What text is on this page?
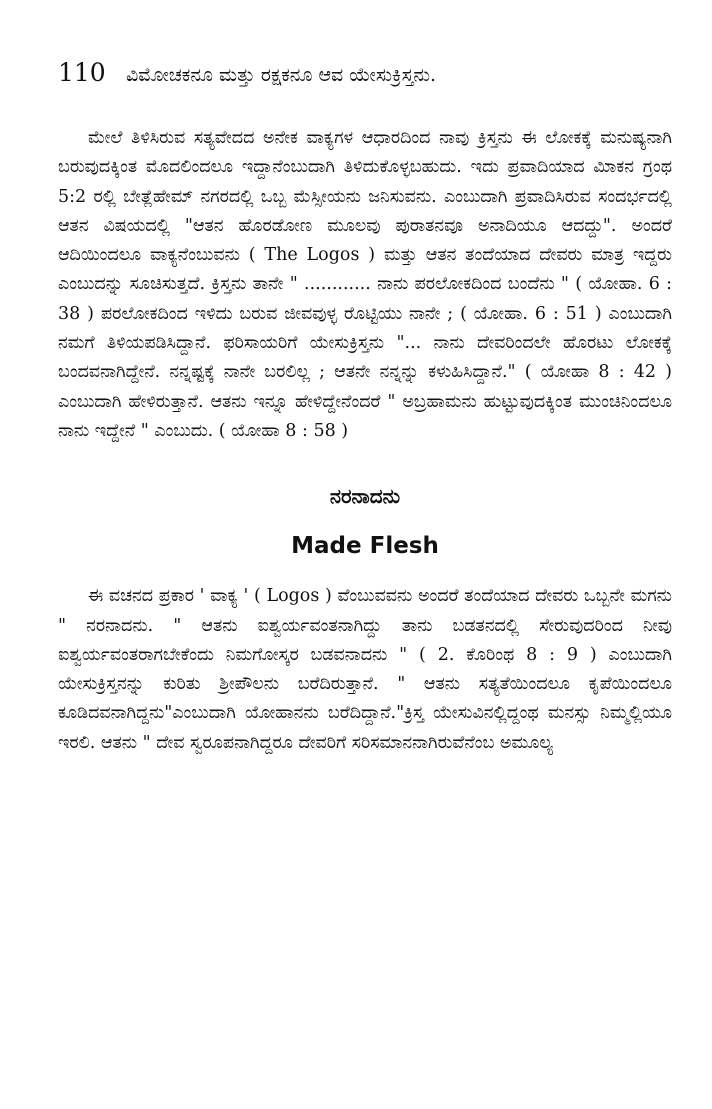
110	ವಿಮೋಚಕನೂ ಮತ್ತು ರಕ್ಷಕನೂ ಆವ ಯೇಸುಕ್ರಿಸ್ತನು.

ಮೇಲೆ ತಿಳಿಸಿರುವ ಸತ್ಯವೇದದ ಅನೇಕ ವಾಕ್ಯಗಳ ಆಧಾರದಿಂದ ನಾವು ಕ್ರಿಸ್ತನು ಈ ಲೋಕಕ್ಕೆ ಮನುಷ್ಯನಾಗಿ ಬರುವುದಕ್ಕಿಂತ ಮೊದಲಿಂದಲೂ ಇದ್ದಾನೆಂಬುದಾಗಿ ತಿಳಿದುಕೊಳ್ಳಬಹುದು. ಇದು ಪ್ರವಾದಿಯಾದ ಮಿಾಕನ ಗ್ರಂಥ 5:2 ರಲ್ಲಿ ಬೇತ್ಲೆಹೇಮ್ ನಗರದಲ್ಲಿ ಒಬ್ಬ ಮೆಸ್ಸೀಯನು ಜನಿಸುವನು. ಎಂಬುದಾಗಿ ಪ್ರವಾದಿಸಿರುವ ಸಂದರ್ಭದಲ್ಲಿ ಆತನ ವಿಷಯದಲ್ಲಿ "ಆತನ ಹೊರಡೋಣ ಮೂಲವು ಪುರಾತನವೂ ಅನಾದಿಯೂ ಆದದ್ದು". ಅಂದರೆ ಆದಿಯಿಂದಲೂ ವಾಕ್ಯನೆಂಬುವನು ( The Logos ) ಮತ್ತು ಆತನ ತಂದೆಯಾದ ದೇವರು ಮಾತ್ರ ಇದ್ದರು ಎಂಬುದನ್ನು ಸೂಚಿಸುತ್ತದೆ. ಕ್ರಿಸ್ತನು ತಾನೇ " ............ ನಾನು ಪರಲೋಕದಿಂದ ಬಂದೆನು " ( ಯೋಹಾ. 6 : 38 ) ಪರಲೋಕದಿಂದ ಇಳಿದು ಬರುವ ಜೀವವುಳ್ಳ ರೊಟ್ಟಿಯು ನಾನೇ ; ( ಯೋಹಾ. 6 : 51 ) ಎಂಬುದಾಗಿ ನಮಗೆ ತಿಳಿಯಪಡಿಸಿದ್ದಾನೆ. ಫರಿಸಾಯರಿಗೆ ಯೇಸುಕ್ರಿಸ್ತನು "... ನಾನು ದೇವರಿಂದಲೇ ಹೊರಟು ಲೋಕಕ್ಕೆ ಬಂದವನಾಗಿದ್ದೇನೆ. ನನ್ನಷ್ಟಕ್ಕೆ ನಾನೇ ಬರಲಿಲ್ಲ ; ಆತನೇ ನನ್ನನ್ನು ಕಳುಹಿಸಿದ್ದಾನೆ." ( ಯೋಹಾ 8 : 42 ) ಎಂಬುದಾಗಿ ಹೇಳಿರುತ್ತಾನೆ. ಆತನು ಇನ್ನೂ ಹೇಳಿದ್ದೇನೆಂದರೆ " ಅಬ್ರಹಾಮನು ಹುಟ್ಟುವುದಕ್ಕಿಂತ ಮುಂಚಿನಿಂದಲೂ ನಾನು ಇದ್ದೇನೆ " ಎಂಬುದು. ( ಯೋಹಾ 8 : 58 )

ನರನಾದನು
Made Flesh

ಈ ವಚನದ ಪ್ರಕಾರ ' ವಾಕ್ಯ ' ( Logos ) ವೆಂಬುವವನು ಅಂದರೆ ತಂದೆಯಾದ ದೇವರು ಒಬ್ಬನೇ ಮಗನು " ನರನಾದನು. " ಆತನು ಐಶ್ವರ್ಯವಂತನಾಗಿದ್ದು ತಾನು ಬಡತನದಲ್ಲಿ ಸೇರುವುದರಿಂದ ನೀವು ಐಶ್ವರ್ಯವಂತರಾಗಬೇಕೆಂದು ನಿಮಗೋಸ್ಕರ ಬಡವನಾದನು " ( 2. ಕೊರಿಂಥ 8 : 9 ) ಎಂಬುದಾಗಿ ಯೇಸುಕ್ರಿಸ್ತನನ್ನು ಕುರಿತು ಶ್ರೀಪೌಲನು ಬರೆದಿರುತ್ತಾನೆ. " ಆತನು ಸತ್ಯತೆಯಿಂದಲೂ ಕೃಪೆಯಿಂದಲೂ ಕೂಡಿದವನಾಗಿದ್ದನು"ಎಂಬುದಾಗಿ ಯೋಹಾನನು ಬರೆದಿದ್ದಾನೆ."ಕ್ರಿಸ್ತ ಯೇಸುವಿನಲ್ಲಿದ್ದಂಥ ಮನಸ್ಸು ನಿಮ್ಮಲ್ಲಿಯೂ ಇರಲಿ. ಆತನು " ದೇವ ಸ್ವರೂಪನಾಗಿದ್ದರೂ ದೇವರಿಗೆ ಸರಿಸಮಾನನಾಗಿರುವೆನೆಂಬ ಅಮೂಲ್ಯ
